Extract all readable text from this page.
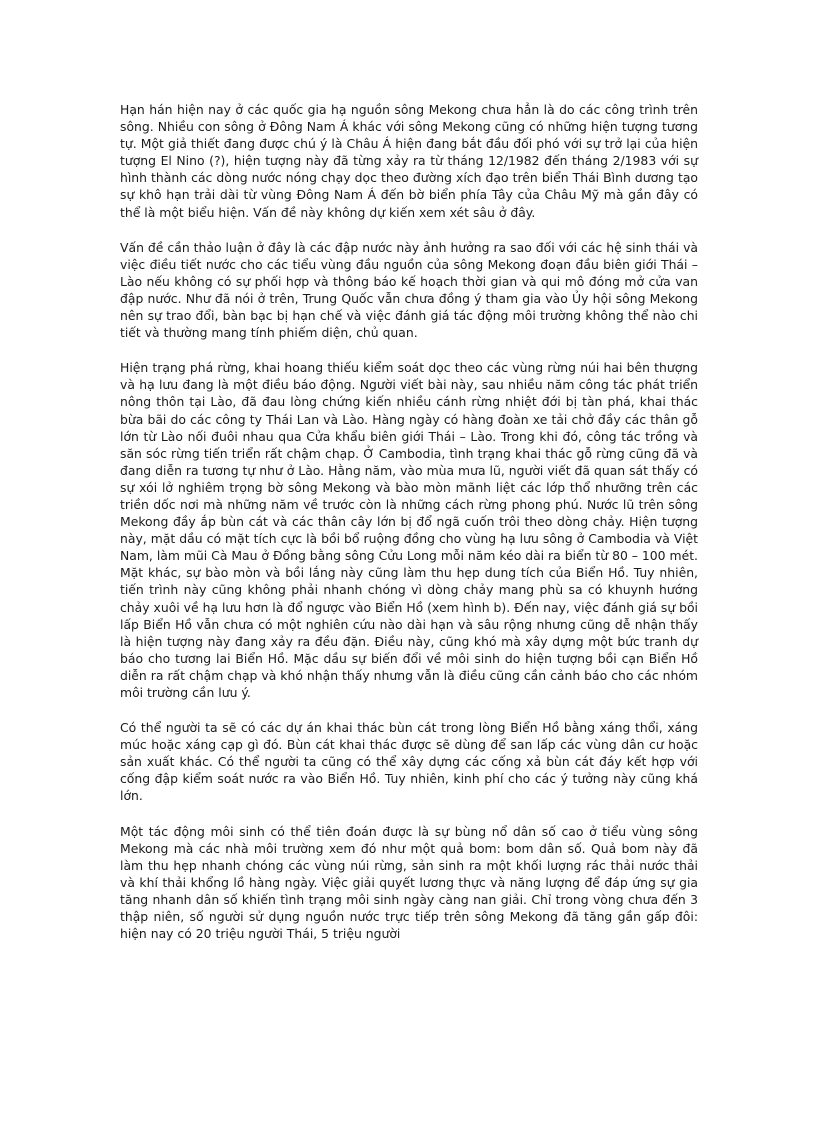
Hạn hán hiện nay ở các quốc gia hạ nguồn sông Mekong chưa hẳn là do các công trình trên sông. Nhiều con sông ở Đông Nam Á khác với sông Mekong cũng có những hiện tượng tương tự. Một giả thiết đang được chú ý là Châu Á hiện đang bắt đầu đối phó với sự trở lại của hiện tượng El Nino (?), hiện tượng này đã từng xảy ra từ tháng 12/1982 đến tháng 2/1983 với sự hình thành các dòng nước nóng chạy dọc theo đường xích đạo trên biển Thái Bình dương tạo sự khô hạn trải dài từ vùng Đông Nam Á đến bờ biển phía Tây của Châu Mỹ mà gần đây có thể là một biểu hiện. Vấn đề này không dự kiến xem xét sâu ở đây.

Vấn đề cần thảo luận ở đây là các đập nước này ảnh hưởng ra sao đối với các hệ sinh thái và việc điều tiết nước cho các tiểu vùng đầu nguồn của sông Mekong đoạn đầu biên giới Thái – Lào nếu không có sự phối hợp và thông báo kế hoạch thời gian và qui mô đóng mở cửa van đập nước. Như đã nói ở trên, Trung Quốc vẫn chưa đồng ý tham gia vào Ủy hội sông Mekong nên sự trao đổi, bàn bạc bị hạn chế và việc đánh giá tác động môi trường không thể nào chi tiết và thường mang tính phiếm diện, chủ quan.

Hiện trạng phá rừng, khai hoang thiếu kiểm soát dọc theo các vùng rừng núi hai bên thượng và hạ lưu đang là một điều báo động. Người viết bài này, sau nhiều năm công tác phát triển nông thôn tại Lào, đã đau lòng chứng kiến nhiều cánh rừng nhiệt đới bị tàn phá, khai thác bừa bãi do các công ty Thái Lan và Lào. Hàng ngày có hàng đoàn xe tải chở đầy các thân gỗ lớn từ Lào nối đuôi nhau qua Cửa khẩu biên giới Thái – Lào. Trong khi đó, công tác trồng và săn sóc rừng tiến triển rất chậm chạp. Ở Cambodia, tình trạng khai thác gỗ rừng cũng đã và đang diễn ra tương tự như ở Lào. Hằng năm, vào mùa mưa lũ, người viết đã quan sát thấy có sự xói lở nghiêm trọng bờ sông Mekong và bào mòn mãnh liệt các lớp thổ nhưỡng trên các triền dốc nơi mà những năm về trước còn là những cách rừng phong phú. Nước lũ trên sông Mekong đầy ắp bùn cát và các thân cây lớn bị đổ ngã cuốn trôi theo dòng chảy. Hiện tượng này, mặt dầu có mặt tích cực là bồi bổ ruộng đồng cho vùng hạ lưu sông ở Cambodia và Việt Nam, làm mũi Cà Mau ở Đồng bằng sông Cửu Long mỗi năm kéo dài ra biển từ 80 – 100 mét. Mặt khác, sự bào mòn và bồi lắng này cũng làm thu hẹp dung tích của Biển Hồ. Tuy nhiên, tiến trình này cũng không phải nhanh chóng vì dòng chảy mang phù sa có khuynh hướng chảy xuôi về hạ lưu hơn là đổ ngược vào Biển Hồ (xem hình b). Đến nay, việc đánh giá sự bồi lấp Biển Hồ vẫn chưa có một nghiên cứu nào dài hạn và sâu rộng nhưng cũng dễ nhận thấy là hiện tượng này đang xảy ra đều đặn. Điều này, cũng khó mà xây dựng một bức tranh dự báo cho tương lai Biển Hồ. Mặc dầu sự biến đổi về môi sinh do hiện tượng bồi cạn Biển Hồ diễn ra rất chậm chạp và khó nhận thấy nhưng vẫn là điều cũng cần cảnh báo cho các nhóm môi trường cần lưu ý.

Có thể người ta sẽ có các dự án khai thác bùn cát trong lòng Biển Hồ bằng xáng thổi, xáng múc hoặc xáng cạp gì đó. Bùn cát khai thác được sẽ dùng để san lấp các vùng dân cư hoặc sản xuất khác. Có thể người ta cũng có thể xây dựng các cống xả bùn cát đáy kết hợp với cống đập kiểm soát nước ra vào Biển Hồ. Tuy nhiên, kinh phí cho các ý tưởng này cũng khá lớn.

Một tác động môi sinh có thể tiên đoán được là sự bùng nổ dân số cao ở tiểu vùng sông Mekong mà các nhà môi trường xem đó như một quả bom: bom dân số. Quả bom này đã làm thu hẹp nhanh chóng các vùng núi rừng, sản sinh ra một khối lượng rác thải nước thải và khí thải khổng lồ hàng ngày. Việc giải quyết lương thực và năng lượng để đáp ứng sự gia tăng nhanh dân số khiến tình trạng môi sinh ngày càng nan giải. Chỉ trong vòng chưa đến 3 thập niên, số người sử dụng nguồn nước trực tiếp trên sông Mekong đã tăng gần gấp đôi: hiện nay có 20 triệu người Thái, 5 triệu người
